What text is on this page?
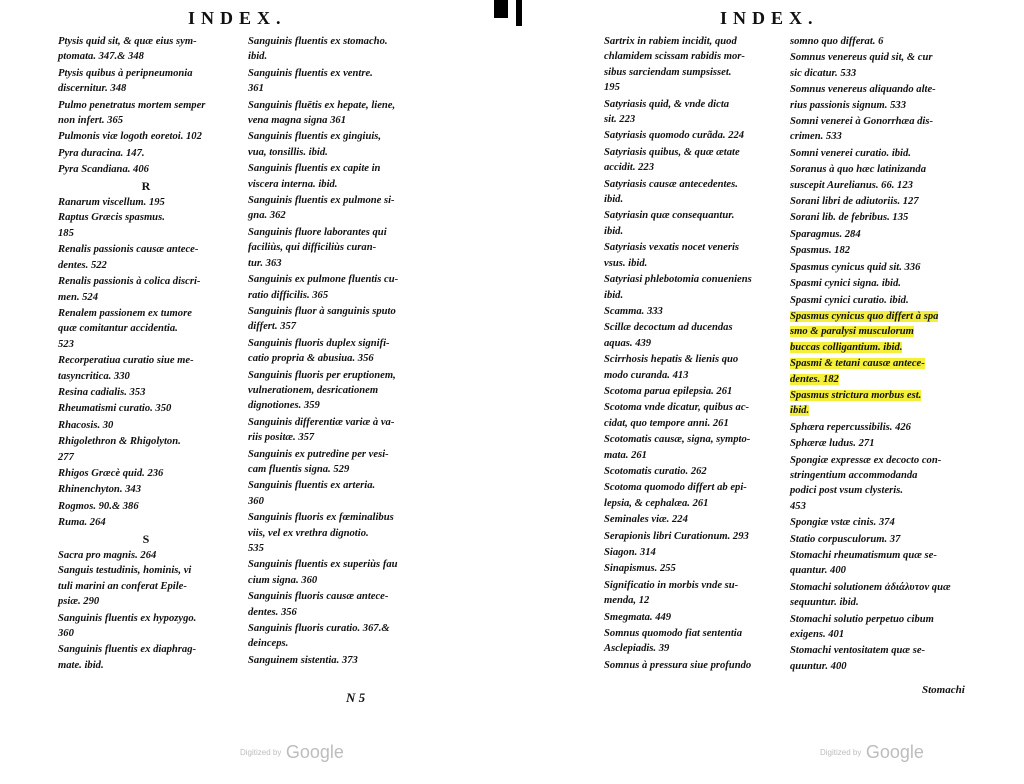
INDEX.
Ptysis quid sit, & quæ eius sym-
ptomata. 347.& 348
Ptysis quibus à peripneumonia
discernitur. 348
Pulmo penetratus mortem semper
non infert. 365
Pulmonis viæ logoth eoretoi. 102
Pyra duracina. 147.
Pyra Scandiana. 406
R
Ranarum viscellum. 195
Raptus Græcis spasmus.
185
Renalis passionis causæ antece-
dentes. 522
Renalis passionis à colica discri-
men. 524
Renalem passionem ex tumore
quæ comitantur accidentia.
523
Recorperatiua curatio siue me-
tasyncritica. 330
Resina cadialis. 353
Rheumatismi curatio. 350
Rhacosis. 30
Rhigolethron & Rhigolyton.
277
Rhigos Græcè quid. 236
Rhinenchyton. 343
Rogmos. 90.& 386
Ruma. 264
S
Sacra pro magnis. 264
Sanguis testudinis, hominis, vi
tuli marini an conferat Epile-
psiæ. 290
Sanguinis fluentis ex hypozygo.
360
Sanguinis fluentis ex diaphrag-
mate. ibid.
Sanguinis fluentis ex stomacho.
ibid.
Sanguinis fluentis ex ventre.
361
Sanguinis fluētis ex hepate, liene,
vena magna signa 361
Sanguinis fluentis ex gingiuis,
vua, tonsillis. ibid.
Sanguinis fluentis ex capite in
viscera interna. ibid.
Sanguinis fluentis ex pulmone si-
gna. 362
Sanguinis fluore laborantes qui
faciliùs, qui difficiliùs curan-
tur. 363
Sanguinis ex pulmone fluentis cu-
ratio difficilis. 365
Sanguinis fluor à sanguinis sputo
differt. 357
Sanguinis fluoris duplex signifi-
catio propria & abusiua. 356
Sanguinis fluoris per eruptionem,
vulnerationem, desricationem
dignotiones. 359
Sanguinis differentiæ variæ à va-
riis positæ. 357
Sanguinis ex putredine per vesi-
cam fluentis signa. 529
Sanguinis fluentis ex arteria.
360
Sanguinis fluoris ex fœminalibus
viis, vel ex vrethra dignotio.
535
Sanguinis fluentis ex superiùs fau
cium signa. 360
Sanguinis fluoris causæ antece-
dentes. 356
Sanguinis fluoris curatio. 367.&
deinceps.
Sanguinem sistentia. 373
N 5
Digitized by Google
INDEX.
Sartrix in rabiem incidit, quod
chlamidem scissam rabidis mor-
sibus sarciendam sumpsisset.
195
Satyriasis quid, & vnde dicta
sit. 223
Satyriasis quomodo curãda. 224
Satyriasis quibus, & quæ ætate
accidit. 223
Satyriasis causæ antecedentes.
ibid.
Satyriasin quæ consequantur.
ibid.
Satyriasis vexatis nocet veneris
vsus. ibid.
Satyriasi phlebotomia conueniens
ibid.
Scamma. 333
Scillæ decoctum ad ducendas
aquas. 439
Scirrhosis hepatis & lienis quo
modo curanda. 413
Scotoma parua epilepsia. 261
Scotoma vnde dicatur, quibus ac-
cidat, quo tempore anni. 261
Scotomatis causæ, signa, sympto-
mata. 261
Scotomatis curatio. 262
Scotoma quomodo differt ab epi-
lepsia, & cephalæa. 261
Seminales viæ. 224
Serapionis libri Curationum. 293
Siagon. 314
Sinapismus. 255
Significatio in morbis vnde su-
menda, 12
Smegmata. 449
Somnus quomodo fiat sententia
Asclepiadis. 39
Somnus à pressura siue profundo
somno quo differat. 6
Somnus venereus quid sit, & cur
sic dicatur. 533
Somnus venereus aliquando alte-
rius passionis signum. 533
Somni venerei à Gonorrhæa dis-
crimen. 533
Somni venerei curatio. ibid.
Soranus à quo hæc latinizanda
suscepit Aurelianus. 66. 123
Sorani libri de adiutoriis. 127
Sorani lib. de febribus. 135
Sparagmus. 284
Spasmus. 182
Spasmus cynicus quid sit. 336
Spasmi cynici signa. ibid.
Spasmi cynici curatio. ibid.
Spasmus cynicus quo differt à spa
smo & paralysi musculorum
buccas colligantium. ibid.
Spasmi & tetani causæ antece-
dentes. 182
Spasmus strictura morbus est.
ibid.
Sphæra repercussibilis. 426
Sphæræ ludus. 271
Spongiæ expressæ ex decocto con-
stringentium accommodanda
podici post vsum clysteris.
453
Spongiæ vstæ cinis. 374
Statio corpusculorum. 37
Stomachi rheumatismum quæ se-
quantur. 400
Stomachi solutionem ἀδιάλυτον quæ
sequuntur. ibid.
Stomachi solutio perpetuo cibum
exigens. 401
Stomachi ventositatem quæ se-
quuntur. 400
Stomachi
Digitized by Google
